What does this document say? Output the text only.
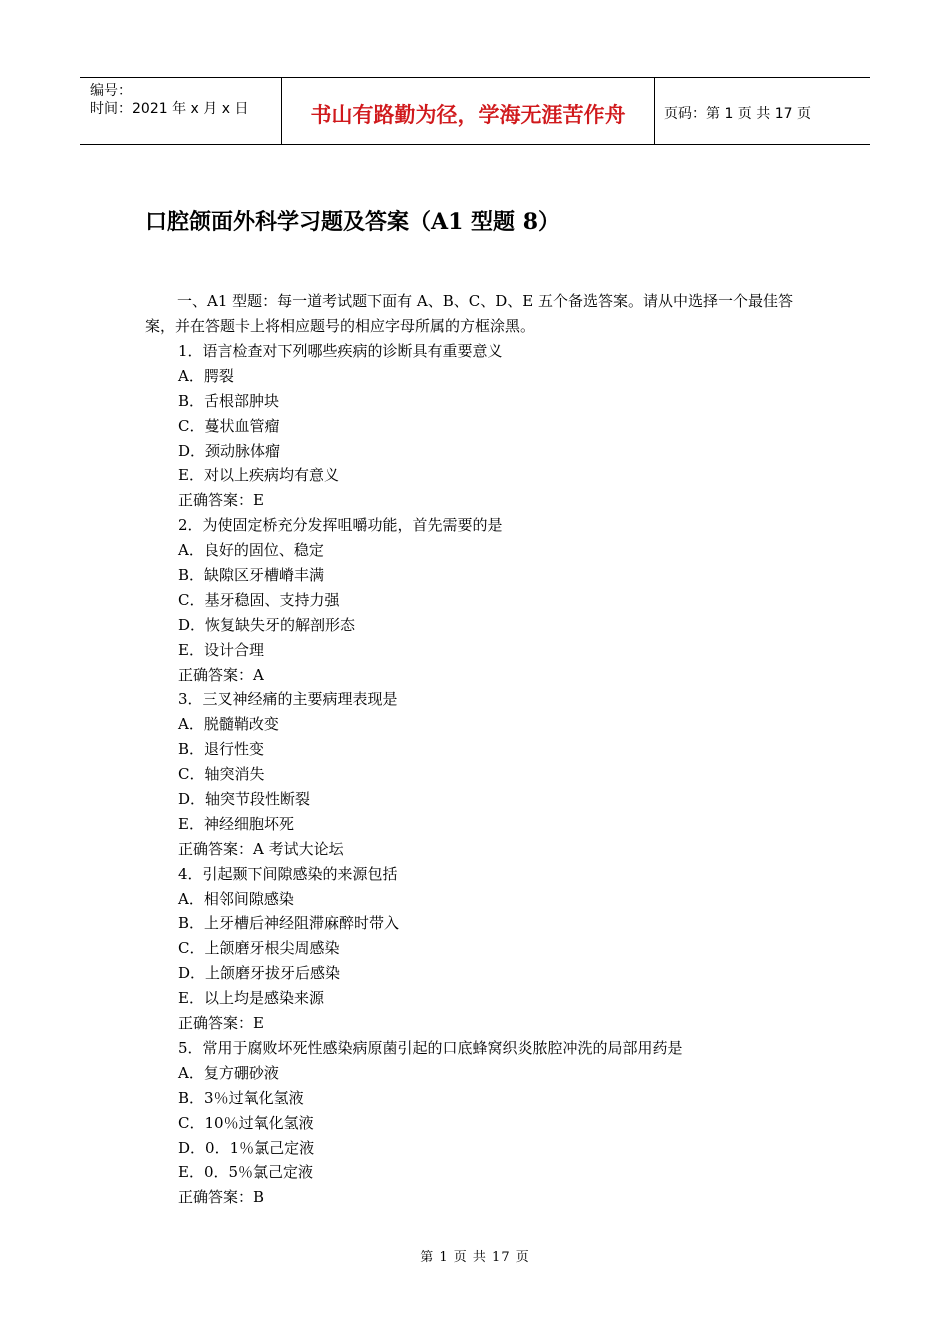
编号：
时间：2021 年 x 月 x 日	书山有路勤为径，学海无涯苦作舟	页码：第 1 页 共 17 页
口腔颌面外科学习题及答案（A1 型题 8）
一、A1 型题：每一道考试题下面有 A、B、C、D、E 五个备选答案。请从中选择一个最佳答案，并在答题卡上将相应题号的相应字母所属的方框涂黑。
1．语言检查对下列哪些疾病的诊断具有重要意义
A．腭裂
B．舌根部肿块
C．蔓状血管瘤
D．颈动脉体瘤
E．对以上疾病均有意义
正确答案：E
2．为使固定桥充分发挥咀嚼功能，首先需要的是
A．良好的固位、稳定
B．缺隙区牙槽嵴丰满
C．基牙稳固、支持力强
D．恢复缺失牙的解剖形态
E．设计合理
正确答案：A
3．三叉神经痛的主要病理表现是
A．脱髓鞘改变
B．退行性变
C．轴突消失
D．轴突节段性断裂
E．神经细胞坏死
正确答案：A 考试大论坛
4．引起颞下间隙感染的来源包括
A．相邻间隙感染
B．上牙槽后神经阻滞麻醉时带入
C．上颌磨牙根尖周感染
D．上颌磨牙拔牙后感染
E．以上均是感染来源
正确答案：E
5．常用于腐败坏死性感染病原菌引起的口底蜂窝织炎脓腔冲洗的局部用药是
A．复方硼砂液
B．3％过氧化氢液
C．10％过氧化氢液
D．0．1％氯己定液
E．0．5％氯己定液
正确答案：B
第 1 页 共 17 页
